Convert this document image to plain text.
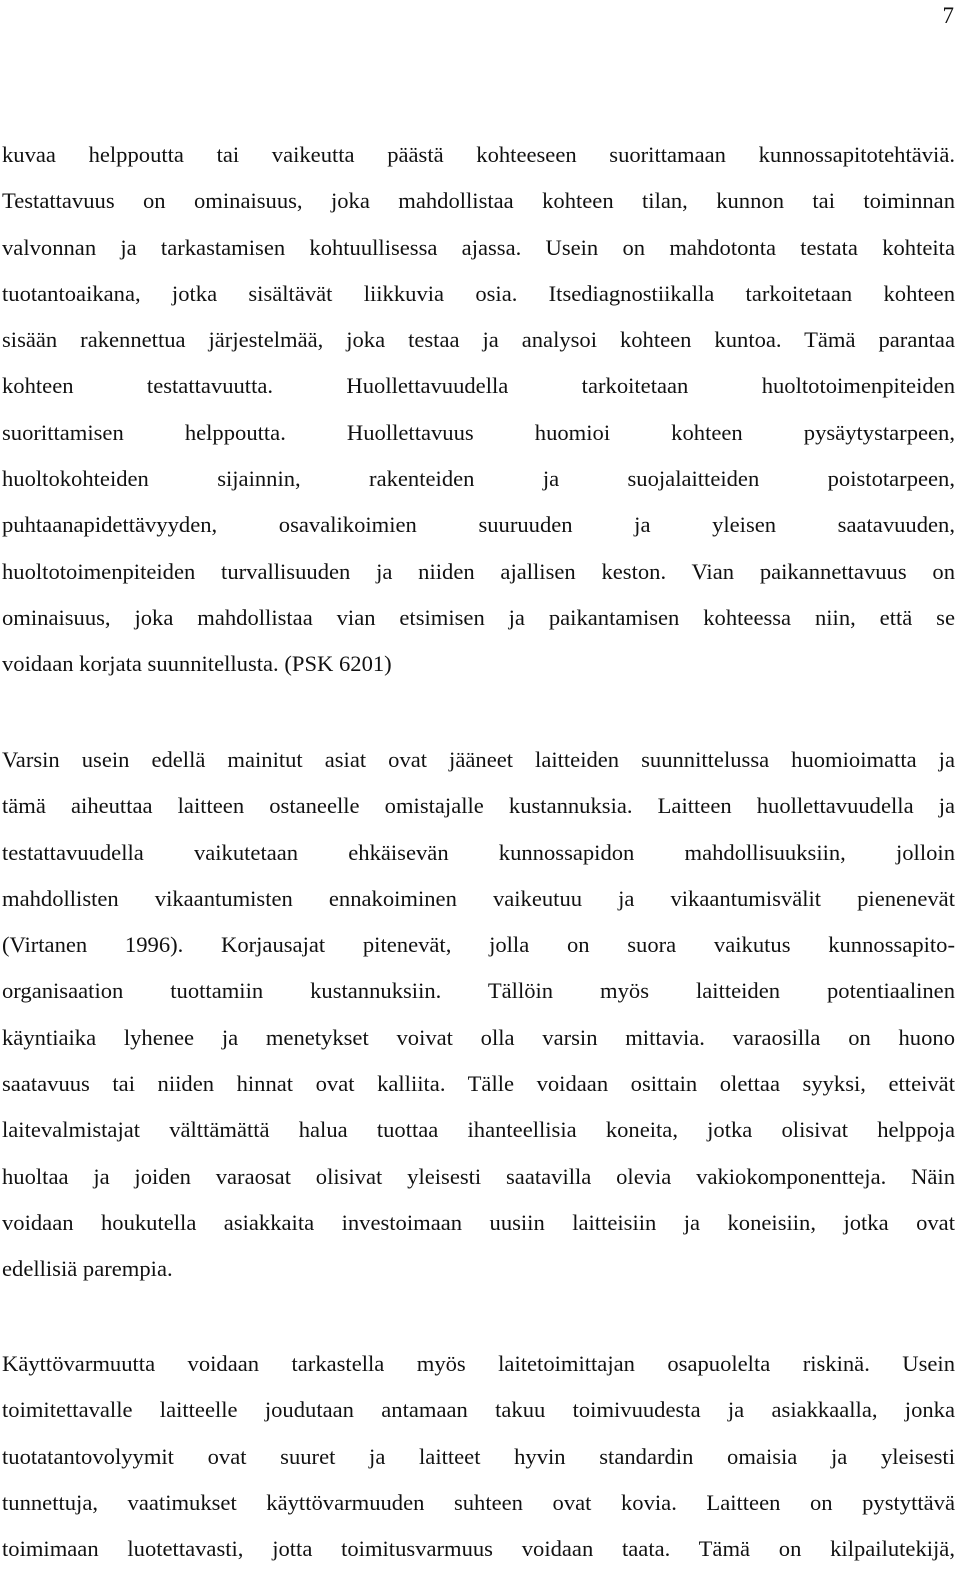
7
kuvaa helppoutta tai vaikeutta päästä kohteeseen suorittamaan kunnossapitotehtäviä.
Testattavuus on ominaisuus, joka mahdollistaa kohteen tilan, kunnon tai toiminnan
valvonnan ja tarkastamisen kohtuullisessa ajassa. Usein on mahdotonta testata kohteita
tuotantoaikana, jotka sisältävät liikkuvia osia. Itsediagnostiikalla tarkoitetaan kohteen
sisään rakennettua järjestelmää, joka testaa ja analysoi kohteen kuntoa. Tämä parantaa
kohteen testattavuutta. Huollettavuudella tarkoitetaan huoltotoimenpiteiden
suorittamisen helppoutta. Huollettavuus huomioi kohteen pysäytystarpeen,
huoltokohteiden sijainnin, rakenteiden ja suojalaitteiden poistotarpeen,
puhtaanapidettävyyden, osavalikoimien suuruuden ja yleisen saatavuuden,
huoltotoimenpiteiden turvallisuuden ja niiden ajallisen keston. Vian paikannettavuus on
ominaisuus, joka mahdollistaa vian etsimisen ja paikantamisen kohteessa niin, että se
voidaan korjata suunnitellusta. (PSK 6201)
Varsin usein edellä mainitut asiat ovat jääneet laitteiden suunnittelussa huomioimatta ja
tämä aiheuttaa laitteen ostaneelle omistajalle kustannuksia. Laitteen huollettavuudella ja
testattavuudella vaikutetaan ehkäisevän kunnossapidon mahdollisuuksiin, jolloin
mahdollisten vikaantumisten ennakoiminen vaikeutuu ja vikaantumisvälit pienenevät
(Virtanen 1996). Korjausajat pitenevät, jolla on suora vaikutus kunnossapito-
organisaation tuottamiin kustannuksiin. Tällöin myös laitteiden potentiaalinen
käyntiaika lyhenee ja menetykset voivat olla varsin mittavia. varaosilla on huono
saatavuus tai niiden hinnat ovat kalliita. Tälle voidaan osittain olettaa syyksi, etteivät
laitevalmistajat välttämättä halua tuottaa ihanteellisia koneita, jotka olisivat helppoja
huoltaa ja joiden varaosat olisivat yleisesti saatavilla olevia vakiokomponentteja. Näin
voidaan houkutella asiakkaita investoimaan uusiin laitteisiin ja koneisiin, jotka ovat
edellisiä parempia.
Käyttövarmuutta voidaan tarkastella myös laitetoimittajan osapuolelta riskinä. Usein
toimitettavalle laitteelle joudutaan antamaan takuu toimivuudesta ja asiakkaalla, jonka
tuotatantovolyymit ovat suuret ja laitteet hyvin standardin omaisia ja yleisesti
tunnettuja, vaatimukset käyttövarmuuden suhteen ovat kovia. Laitteen on pystyttävä
toimimaan luotettavasti, jotta toimitusvarmuus voidaan taata. Tämä on kilpailutekijä,
